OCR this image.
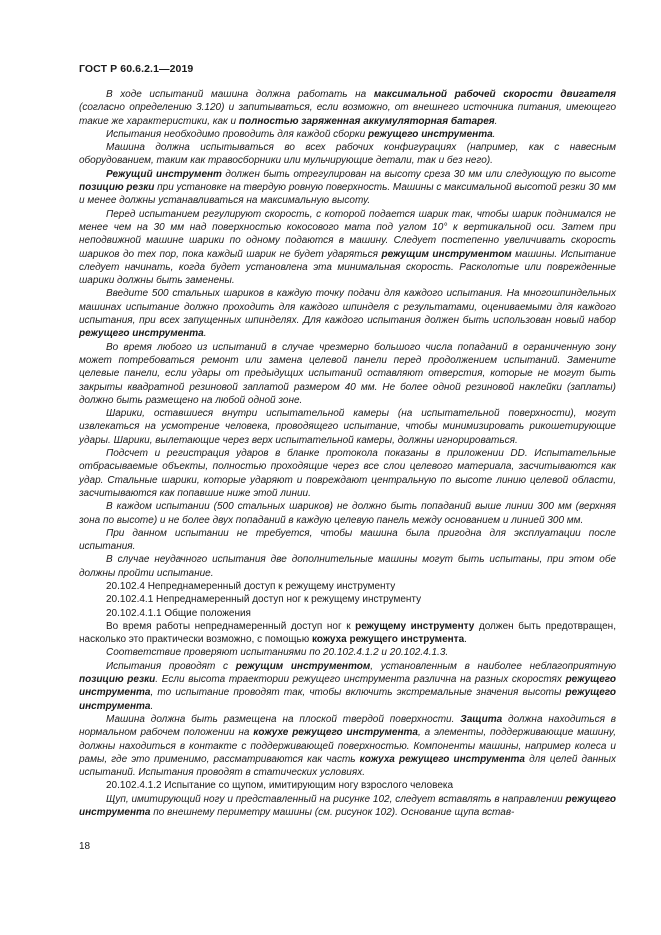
ГОСТ Р 60.6.2.1—2019

В ходе испытаний машина должна работать на максимальной рабочей скорости двигателя (согласно определению 3.120) и запитываться, если возможно, от внешнего источника питания, имеющего такие же характеристики, как и полностью заряженная аккумуляторная батарея.

Испытания необходимо проводить для каждой сборки режущего инструмента.

Машина должна испытываться во всех рабочих конфигурациях (например, как с навесным оборудованием, таким как травосборники или мульчирующие детали, так и без него).

Режущий инструмент должен быть отрегулирован на высоту среза 30 мм или следующую по высоте позицию резки при установке на твердую ровную поверхность. Машины с максимальной высотой резки 30 мм и менее должны устанавливаться на максимальную высоту.

Перед испытанием регулируют скорость, с которой подается шарик так, чтобы шарик поднимался не менее чем на 30 мм над поверхностью кокосового мата под углом 10° к вертикальной оси. Затем при неподвижной машине шарики по одному подаются в машину. Следует постепенно увеличивать скорость шариков до тех пор, пока каждый шарик не будет ударяться режущим инструментом машины. Испытание следует начинать, когда будет установлена эта минимальная скорость. Расколотые или поврежденные шарики должны быть заменены.

Введите 500 стальных шариков в каждую точку подачи для каждого испытания. На многошпиндельных машинах испытание должно проходить для каждого шпинделя с результатами, оцениваемыми для каждого испытания, при всех запущенных шпинделях. Для каждого испытания должен быть использован новый набор режущего инструмента.

Во время любого из испытаний в случае чрезмерно большого числа попаданий в ограниченную зону может потребоваться ремонт или замена целевой панели перед продолжением испытаний. Замените целевые панели, если удары от предыдущих испытаний оставляют отверстия, которые не могут быть закрыты квадратной резиновой заплатой размером 40 мм. Не более одной резиновой наклейки (заплаты) должно быть размещено на любой одной зоне.

Шарики, оставшиеся внутри испытательной камеры (на испытательной поверхности), могут извлекаться на усмотрение человека, проводящего испытание, чтобы минимизировать рикошетирующие удары. Шарики, вылетающие через верх испытательной камеры, должны игнорироваться.

Подсчет и регистрация ударов в бланке протокола показаны в приложении DD. Испытательные отбрасываемые объекты, полностью проходящие через все слои целевого материала, засчитываются как удар. Стальные шарики, которые ударяют и повреждают центральную по высоте линию целевой области, засчитываются как попавшие ниже этой линии.

В каждом испытании (500 стальных шариков) не должно быть попаданий выше линии 300 мм (верхняя зона по высоте) и не более двух попаданий в каждую целевую панель между основанием и линией 300 мм.

При данном испытании не требуется, чтобы машина была пригодна для эксплуатации после испытания.

В случае неудачного испытания две дополнительные машины могут быть испытаны, при этом обе должны пройти испытание.

20.102.4 Непреднамеренный доступ к режущему инструменту

20.102.4.1 Непреднамеренный доступ ног к режущему инструменту

20.102.4.1.1 Общие положения

Во время работы непреднамеренный доступ ног к режущему инструменту должен быть предотвращен, насколько это практически возможно, с помощью кожуха режущего инструмента.

Соответствие проверяют испытаниями по 20.102.4.1.2 и 20.102.4.1.3.

Испытания проводят с режущим инструментом, установленным в наиболее неблагоприятную позицию резки. Если высота траектории режущего инструмента различна на разных скоростях режущего инструмента, то испытание проводят так, чтобы включить экстремальные значения высоты режущего инструмента.

Машина должна быть размещена на плоской твердой поверхности. Защита должна находиться в нормальном рабочем положении на кожухе режущего инструмента, а элементы, поддерживающие машину, должны находиться в контакте с поддерживающей поверхностью. Компоненты машины, например колеса и рамы, где это применимо, рассматриваются как часть кожуха режущего инструмента для целей данных испытаний. Испытания проводят в статических условиях.

20.102.4.1.2 Испытание со щупом, имитирующим ногу взрослого человека

Щуп, имитирующий ногу и представленный на рисунке 102, следует вставлять в направлении режущего инструмента по внешнему периметру машины (см. рисунок 102). Основание щупа встав-

18
